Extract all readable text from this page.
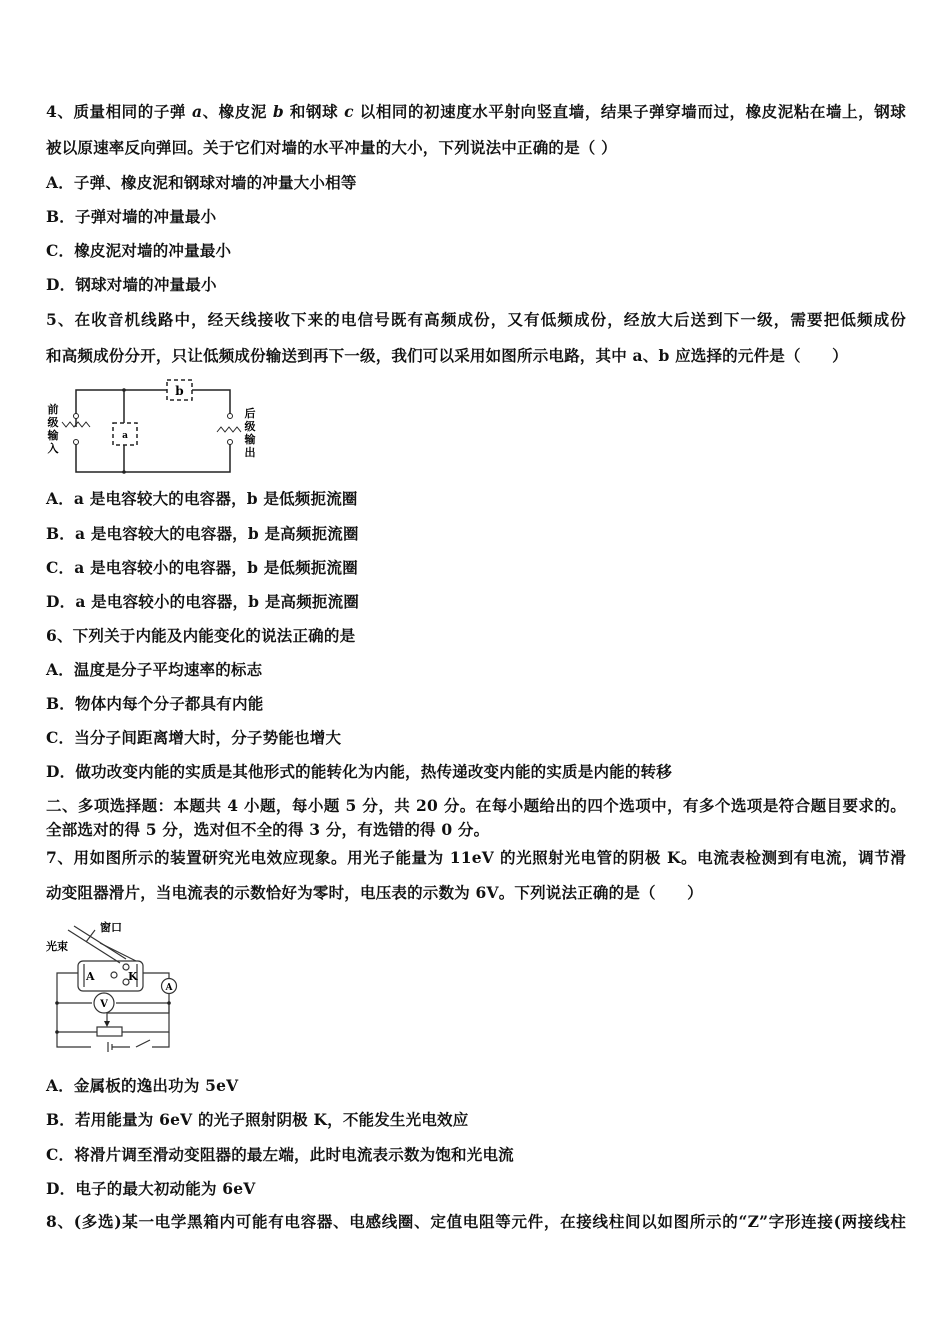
4、质量相同的子弹 a、橡皮泥 b 和钢球 c 以相同的初速度水平射向竖直墙，结果子弹穿墙而过，橡皮泥粘在墙上，钢球
被以原速率反向弹回。关于它们对墙的水平冲量的大小，下列说法中正确的是（ ）
A．子弹、橡皮泥和钢球对墙的冲量大小相等
B．子弹对墙的冲量最小
C．橡皮泥对墙的冲量最小
D．钢球对墙的冲量最小
5、在收音机线路中，经天线接收下来的电信号既有高频成份，又有低频成份，经放大后送到下一级，需要把低频成份
和高频成份分开，只让低频成份输送到再下一级，我们可以采用如图所示电路，其中 a、b 应选择的元件是（　　）
b
a
前
级
输
入
后
级
输
出
A．a 是电容较大的电容器，b 是低频扼流圈
B．a 是电容较大的电容器，b 是高频扼流圈
C．a 是电容较小的电容器，b 是低频扼流圈
D．a 是电容较小的电容器，b 是高频扼流圈
6、下列关于内能及内能变化的说法正确的是
A．温度是分子平均速率的标志
B．物体内每个分子都具有内能
C．当分子间距离增大时，分子势能也增大
D．做功改变内能的实质是其他形式的能转化为内能，热传递改变内能的实质是内能的转移
二、多项选择题：本题共 4 小题，每小题 5 分，共 20 分。在每小题给出的四个选项中，有多个选项是符合题目要求的。
全部选对的得 5 分，选对但不全的得 3 分，有选错的得 0 分。
7、用如图所示的装置研究光电效应现象。用光子能量为 11eV 的光照射光电管的阴极 K。电流表检测到有电流，调节滑
动变阻器滑片，当电流表的示数恰好为零时，电压表的示数为 6V。下列说法正确的是（　　）
光束
窗口
A	K
V
A
A．金属板的逸出功为 5eV
B．若用能量为 6eV 的光子照射阴极 K，不能发生光电效应
C．将滑片调至滑动变阻器的最左端，此时电流表示数为饱和光电流
D．电子的最大初动能为 6eV
8、(多选)某一电学黑箱内可能有电容器、电感线圈、定值电阻等元件，在接线柱间以如图所示的“Z”字形连接(两接线柱
